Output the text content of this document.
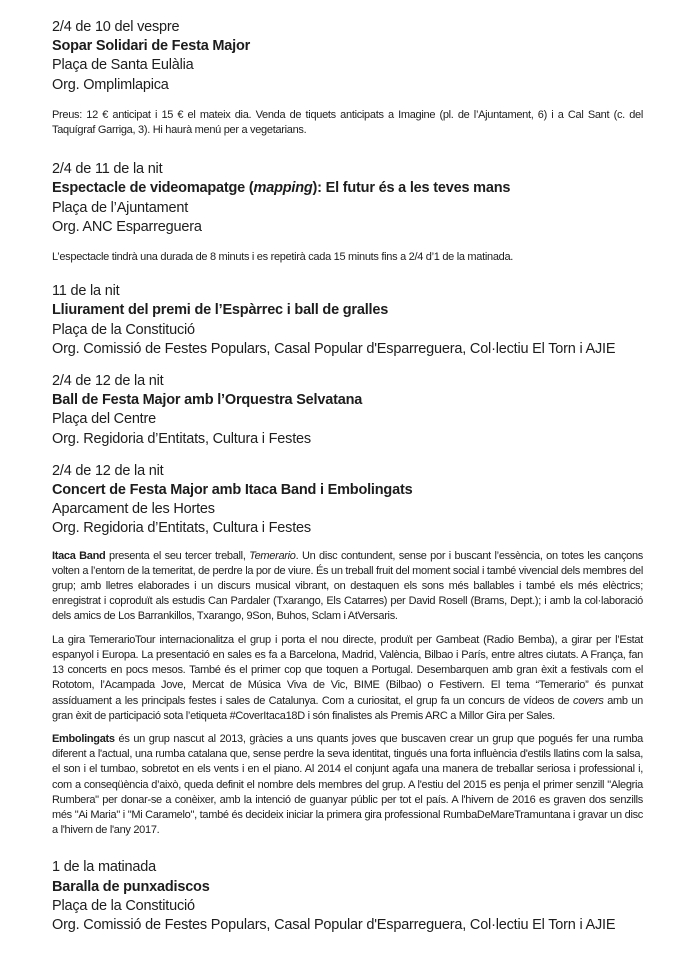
2/4 de 10 del vespre
Sopar Solidari de Festa Major
Plaça de Santa Eulàlia
Org. Omplimlapica

Preus: 12 € anticipat i 15 € el mateix dia. Venda de tiquets anticipats a Imagine (pl. de l’Ajuntament, 6) i a Cal Sant (c. del Taquígraf Garriga, 3). Hi haurà menú per a vegetarians.

2/4 de 11 de la nit
Espectacle de videomapatge (mapping): El futur és a les teves mans
Plaça de l’Ajuntament
Org. ANC Esparreguera

L’espectacle tindrà una durada de 8 minuts i es repetirà cada 15 minuts fins a 2/4 d’1 de la matinada.

11 de la nit
Lliurament del premi de l’Espàrrec i ball de gralles
Plaça de la Constitució
Org. Comissió de Festes Populars, Casal Popular d'Esparreguera, Col·lectiu El Torn i AJIE
2/4 de 12 de la nit
Ball de Festa Major amb l’Orquestra Selvatana
Plaça del Centre
Org. Regidoria d’Entitats, Cultura i Festes
2/4 de 12 de la nit
Concert de Festa Major amb Itaca Band i Embolingats
Aparcament de les Hortes
Org. Regidoria d’Entitats, Cultura i Festes

Itaca Band presenta el seu tercer treball, Temerario. Un disc contundent, sense por i buscant l’essència, on totes les cançons volten a l’entorn de la temeritat, de perdre la por de viure. És un treball fruit del moment social i també vivencial dels membres del grup; amb lletres elaborades i un discurs musical vibrant, on destaquen els sons més ballables i també els més elèctrics; enregistrat i coproduït als estudis Can Pardaler (Txarango, Els Catarres) per David Rosell (Brams, Dept.); i amb la col·laboració dels amics de Los Barrankillos, Txarango, 9Son, Buhos, Sclam i AtVersaris.

La gira TemerarioTour internacionalitza el grup i porta el nou directe, produït per Gambeat (Radio Bemba), a girar per l’Estat espanyol i Europa. La presentació en sales es fa a Barcelona, Madrid, València, Bilbao i París, entre altres ciutats. A França, fan 13 concerts en pocs mesos. També és el primer cop que toquen a Portugal. Desembarquen amb gran èxit a festivals com el Rototom, l’Acampada Jove, Mercat de Música Viva de Vic, BIME (Bilbao) o Festivern. El tema “Temerario” és punxat assíduament a les principals festes i sales de Catalunya. Com a curiositat, el grup fa un concurs de vídeos de covers amb un gran èxit de participació sota l’etiqueta #CoverItaca18D i són finalistes als Premis ARC a Millor Gira per Sales.

Embolingats és un grup nascut al 2013, gràcies a uns quants joves que buscaven crear un grup que pogués fer una rumba diferent a l'actual, una rumba catalana que, sense perdre la seva identitat, tingués una forta influència d'estils llatins com la salsa, el son i el tumbao, sobretot en els vents i en el piano. Al 2014 el conjunt agafa una manera de treballar seriosa i professional i, com a conseqüència d’això, queda definit el nombre dels membres del grup. A l'estiu del 2015 es penja el primer senzill "Alegria Rumbera" per donar-se a conèixer, amb la intenció de guanyar públic per tot el país. A l'hivern de 2016 es graven dos senzills més "Ai Maria" i "Mi Caramelo", també és decideix iniciar la primera gira professional RumbaDeMareTramuntana i gravar un disc a l'hivern de l'any 2017.

1 de la matinada
Baralla de punxadiscos
Plaça de la Constitució
Org. Comissió de Festes Populars, Casal Popular d'Esparreguera, Col·lectiu El Torn i AJIE
